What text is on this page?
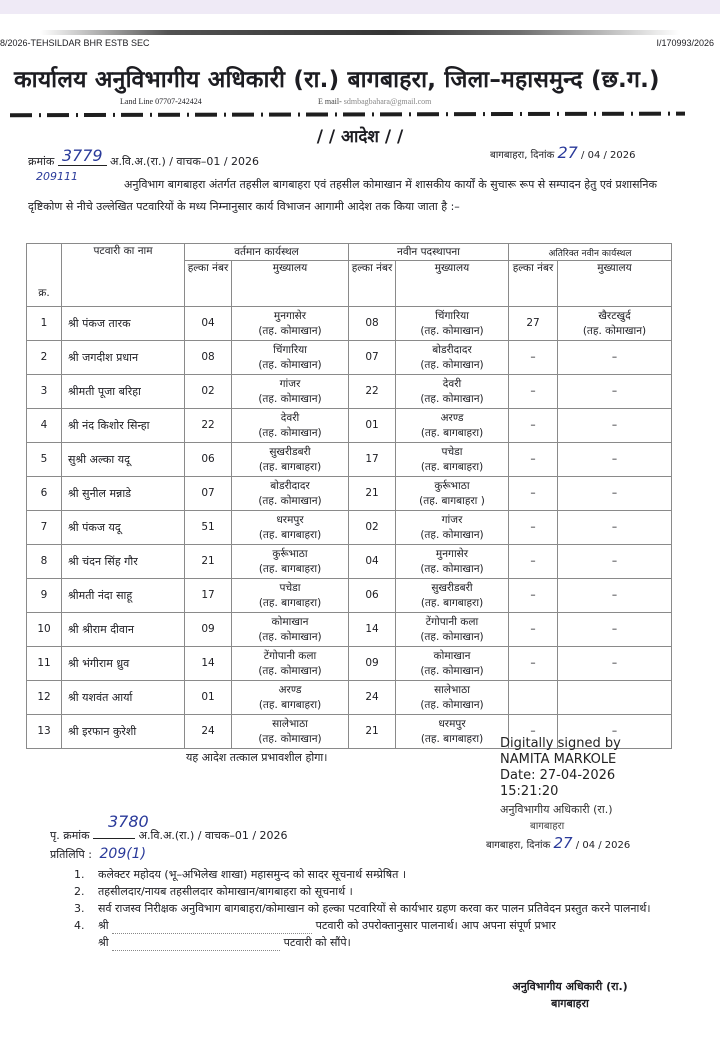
8/2026-TEHSILDAR BHR ESTB SEC	I/170993/2026
कार्यालय अनुविभागीय अधिकारी (रा.) बागबाहरा, जिला–महासमुन्द (छ.ग.)
Land Line 07707-242424	E mail- sdmbagbahara@gmail.com
/ / आदेश / /
क्रमांक 3779 अ.वि.अ.(रा.) / वाचक–01 / 2026
209111
बागबाहरा, दिनांक 27 / 04 / 2026
अनुविभाग बागबाहरा अंतर्गत तहसील बागबाहरा एवं तहसील कोमाखान में शासकीय कार्यों के सुचारू रूप से सम्पादन हेतु एवं प्रशासनिक दृष्टिकोण से नीचे उल्लेखित पटवारियों के मध्य निम्नानुसार कार्य विभाजन आगामी आदेश तक किया जाता है :–
क्र.	पटवारी का नाम	वर्तमान कार्यस्थल		नवीन पदस्थापना		अतिरिक्त नवीन कार्यस्थल	
		हल्का नंबर	मुख्यालय	हल्का नंबर	मुख्यालय	हल्का नंबर	मुख्यालय

1	श्री पंकज तारक	04	मुनगासेर
(तह. कोमाखान)	08	चिंगारिया
(तह. कोमाखान)	27	खैरटखुर्द
(तह. कोमाखान)

2	श्री जगदीश प्रधान	08	चिंगारिया
(तह. कोमाखान)	07	बोडरीदादर
(तह. कोमाखान)	–	–

3	श्रीमती पूजा बरिहा	02	गांजर
(तह. कोमाखान)	22	देवरी
(तह. कोमाखान)	–	–

4	श्री नंद किशोर सिन्हा	22	देवरी
(तह. कोमाखान)	01	अरण्ड
(तह. बागबाहरा)	–	–

5	सुश्री अल्का यदू	06	सुखरीडबरी
(तह. बागबाहरा)	17	पचेडा
(तह. बागबाहरा)	–	–

6	श्री सुनील मन्नाडे	07	बोडरीदादर
(तह. कोमाखान)	21	कुर्रूभाठा
(तह. बागबाहरा )	–	–

7	श्री पंकज यदू	51	धरमपुर
(तह. बागबाहरा)	02	गांजर
(तह. कोमाखान)	–	–

8	श्री चंदन सिंह गौर	21	कुर्रूभाठा
(तह. बागबाहरा)	04	मुनगासेर
(तह. कोमाखान)	–	–

9	श्रीमती नंदा साहू	17	पचेडा
(तह. बागबाहरा)	06	सुखरीडबरी
(तह. बागबाहरा)	–	–

10	श्री श्रीराम दीवान	09	कोमाखान
(तह. कोमाखान)	14	टेंगोपानी कला
(तह. कोमाखान)	–	–

11	श्री भंगीराम ध्रुव	14	टेंगोपानी कला
(तह. कोमाखान)	09	कोमाखान
(तह. कोमाखान)	–	–

12	श्री यशवंत आर्या	01	अरण्ड
(तह. बागबाहरा)	24	सालेभाठा
(तह. कोमाखान)		

13	श्री इरफान कुरेशी	24	सालेभाठा
(तह. कोमाखान)	21	धरमपुर
(तह. बागबाहरा)	–	–
यह आदेश तत्काल प्रभावशील होगा।
Digitally signed by
NAMITA MARKOLE
Date: 27-04-2026
15:21:20
अनुविभागीय अधिकारी (रा.)
बागबाहरा
बागबाहरा, दिनांक 27 / 04 / 2026
पृ. क्रमांक
3780
अ.वि.अ.(रा.) / वाचक–01 / 2026
प्रतिलिपि : 209(1)
1. कलेक्टर महोदय (भू–अभिलेख शाखा) महासमुन्द को सादर सूचनार्थ सम्प्रेषित ।
2. तहसीलदार/नायब तहसीलदार कोमाखान/बागबाहरा को सूचनार्थ ।
3. सर्व राजस्व निरीक्षक अनुविभाग बागबाहरा/कोमाखान को हल्का पटवारियों से कार्यभार ग्रहण करवा कर पालन प्रतिवेदन प्रस्तुत करने पालनार्थ।
4. श्री	पटवारी को उपरोक्तानुसार पालनार्थ। आप अपना संपूर्ण प्रभार
श्री	पटवारी को सौंपे।
अनुविभागीय अधिकारी (रा.)
बागबाहरा
